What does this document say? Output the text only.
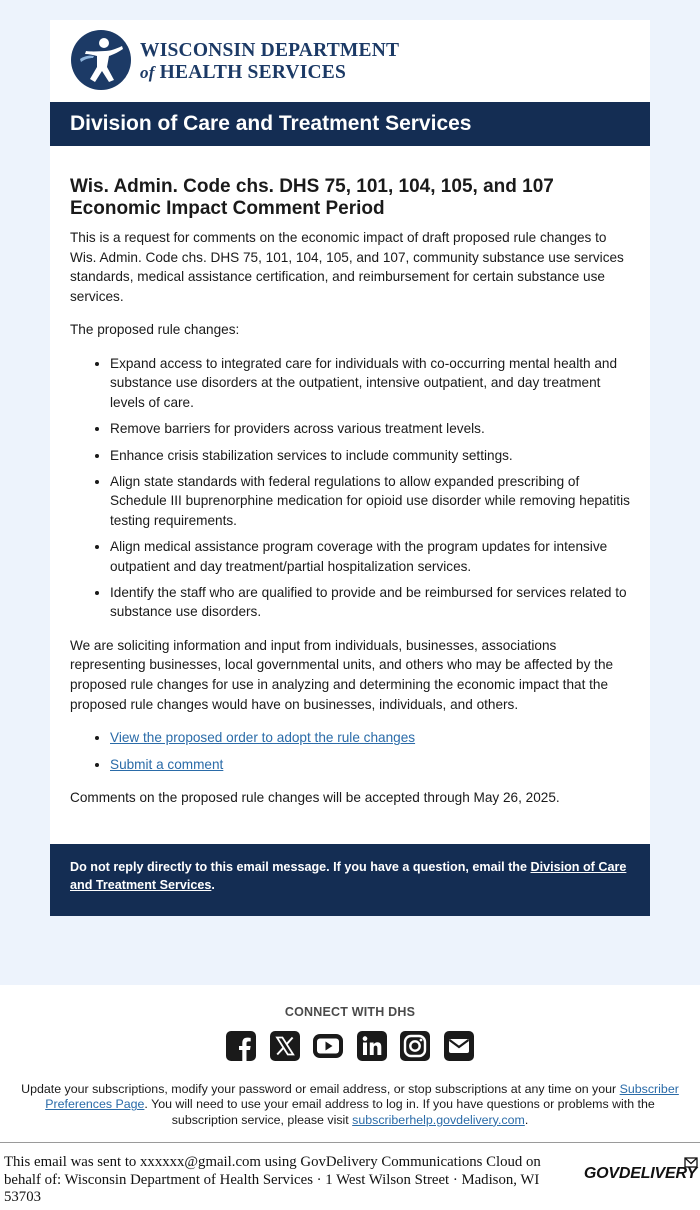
WISCONSIN DEPARTMENT
of HEALTH SERVICES
Division of Care and Treatment Services
Wis. Admin. Code chs. DHS 75, 101, 104, 105, and 107 Economic Impact Comment Period

This is a request for comments on the economic impact of draft proposed rule changes to Wis. Admin. Code chs. DHS 75, 101, 104, 105, and 107, community substance use services standards, medical assistance certification, and reimbursement for certain substance use services.

The proposed rule changes:

• Expand access to integrated care for individuals with co-occurring mental health and substance use disorders at the outpatient, intensive outpatient, and day treatment levels of care.
• Remove barriers for providers across various treatment levels.
• Enhance crisis stabilization services to include community settings.
• Align state standards with federal regulations to allow expanded prescribing of Schedule III buprenorphine medication for opioid use disorder while removing hepatitis testing requirements.
• Align medical assistance program coverage with the program updates for intensive outpatient and day treatment/partial hospitalization services.
• Identify the staff who are qualified to provide and be reimbursed for services related to substance use disorders.

We are soliciting information and input from individuals, businesses, associations representing businesses, local governmental units, and others who may be affected by the proposed rule changes for use in analyzing and determining the economic impact that the proposed rule changes would have on businesses, individuals, and others.

• View the proposed order to adopt the rule changes
• Submit a comment

Comments on the proposed rule changes will be accepted through May 26, 2025.

Do not reply directly to this email message. If you have a question, email the Division of Care and Treatment Services.
CONNECT WITH DHS
Update your subscriptions, modify your password or email address, or stop subscriptions at any time on your Subscriber Preferences Page. You will need to use your email address to log in. If you have questions or problems with the subscription service, please visit subscriberhelp.govdelivery.com.
This email was sent to xxxxxx@gmail.com using GovDelivery Communications Cloud on behalf of: Wisconsin Department of Health Services · 1 West Wilson Street · Madison, WI 53703
GOVDELIVERY
